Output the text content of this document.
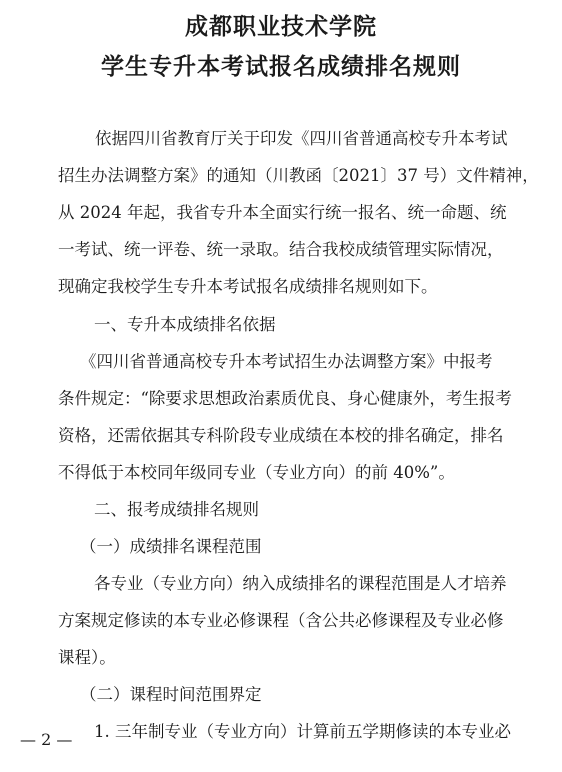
成都职业技术学院
学生专升本考试报名成绩排名规则
依据四川省教育厅关于印发《四川省普通高校专升本考试
招生办法调整方案》的通知（川教函〔2021〕37 号）文件精神，
从 2024 年起，我省专升本全面实行统一报名、统一命题、统
一考试、统一评卷、统一录取。结合我校成绩管理实际情况，
现确定我校学生专升本考试报名成绩排名规则如下。
一、专升本成绩排名依据
《四川省普通高校专升本考试招生办法调整方案》中报考
条件规定：“除要求思想政治素质优良、身心健康外，考生报考
资格，还需依据其专科阶段专业成绩在本校的排名确定，排名
不得低于本校同年级同专业（专业方向）的前 40%”。
二、报考成绩排名规则
（一）成绩排名课程范围
各专业（专业方向）纳入成绩排名的课程范围是人才培养
方案规定修读的本专业必修课程（含公共必修课程及专业必修
课程）。
（二）课程时间范围界定
1. 三年制专业（专业方向）计算前五学期修读的本专业必
— 2 —
